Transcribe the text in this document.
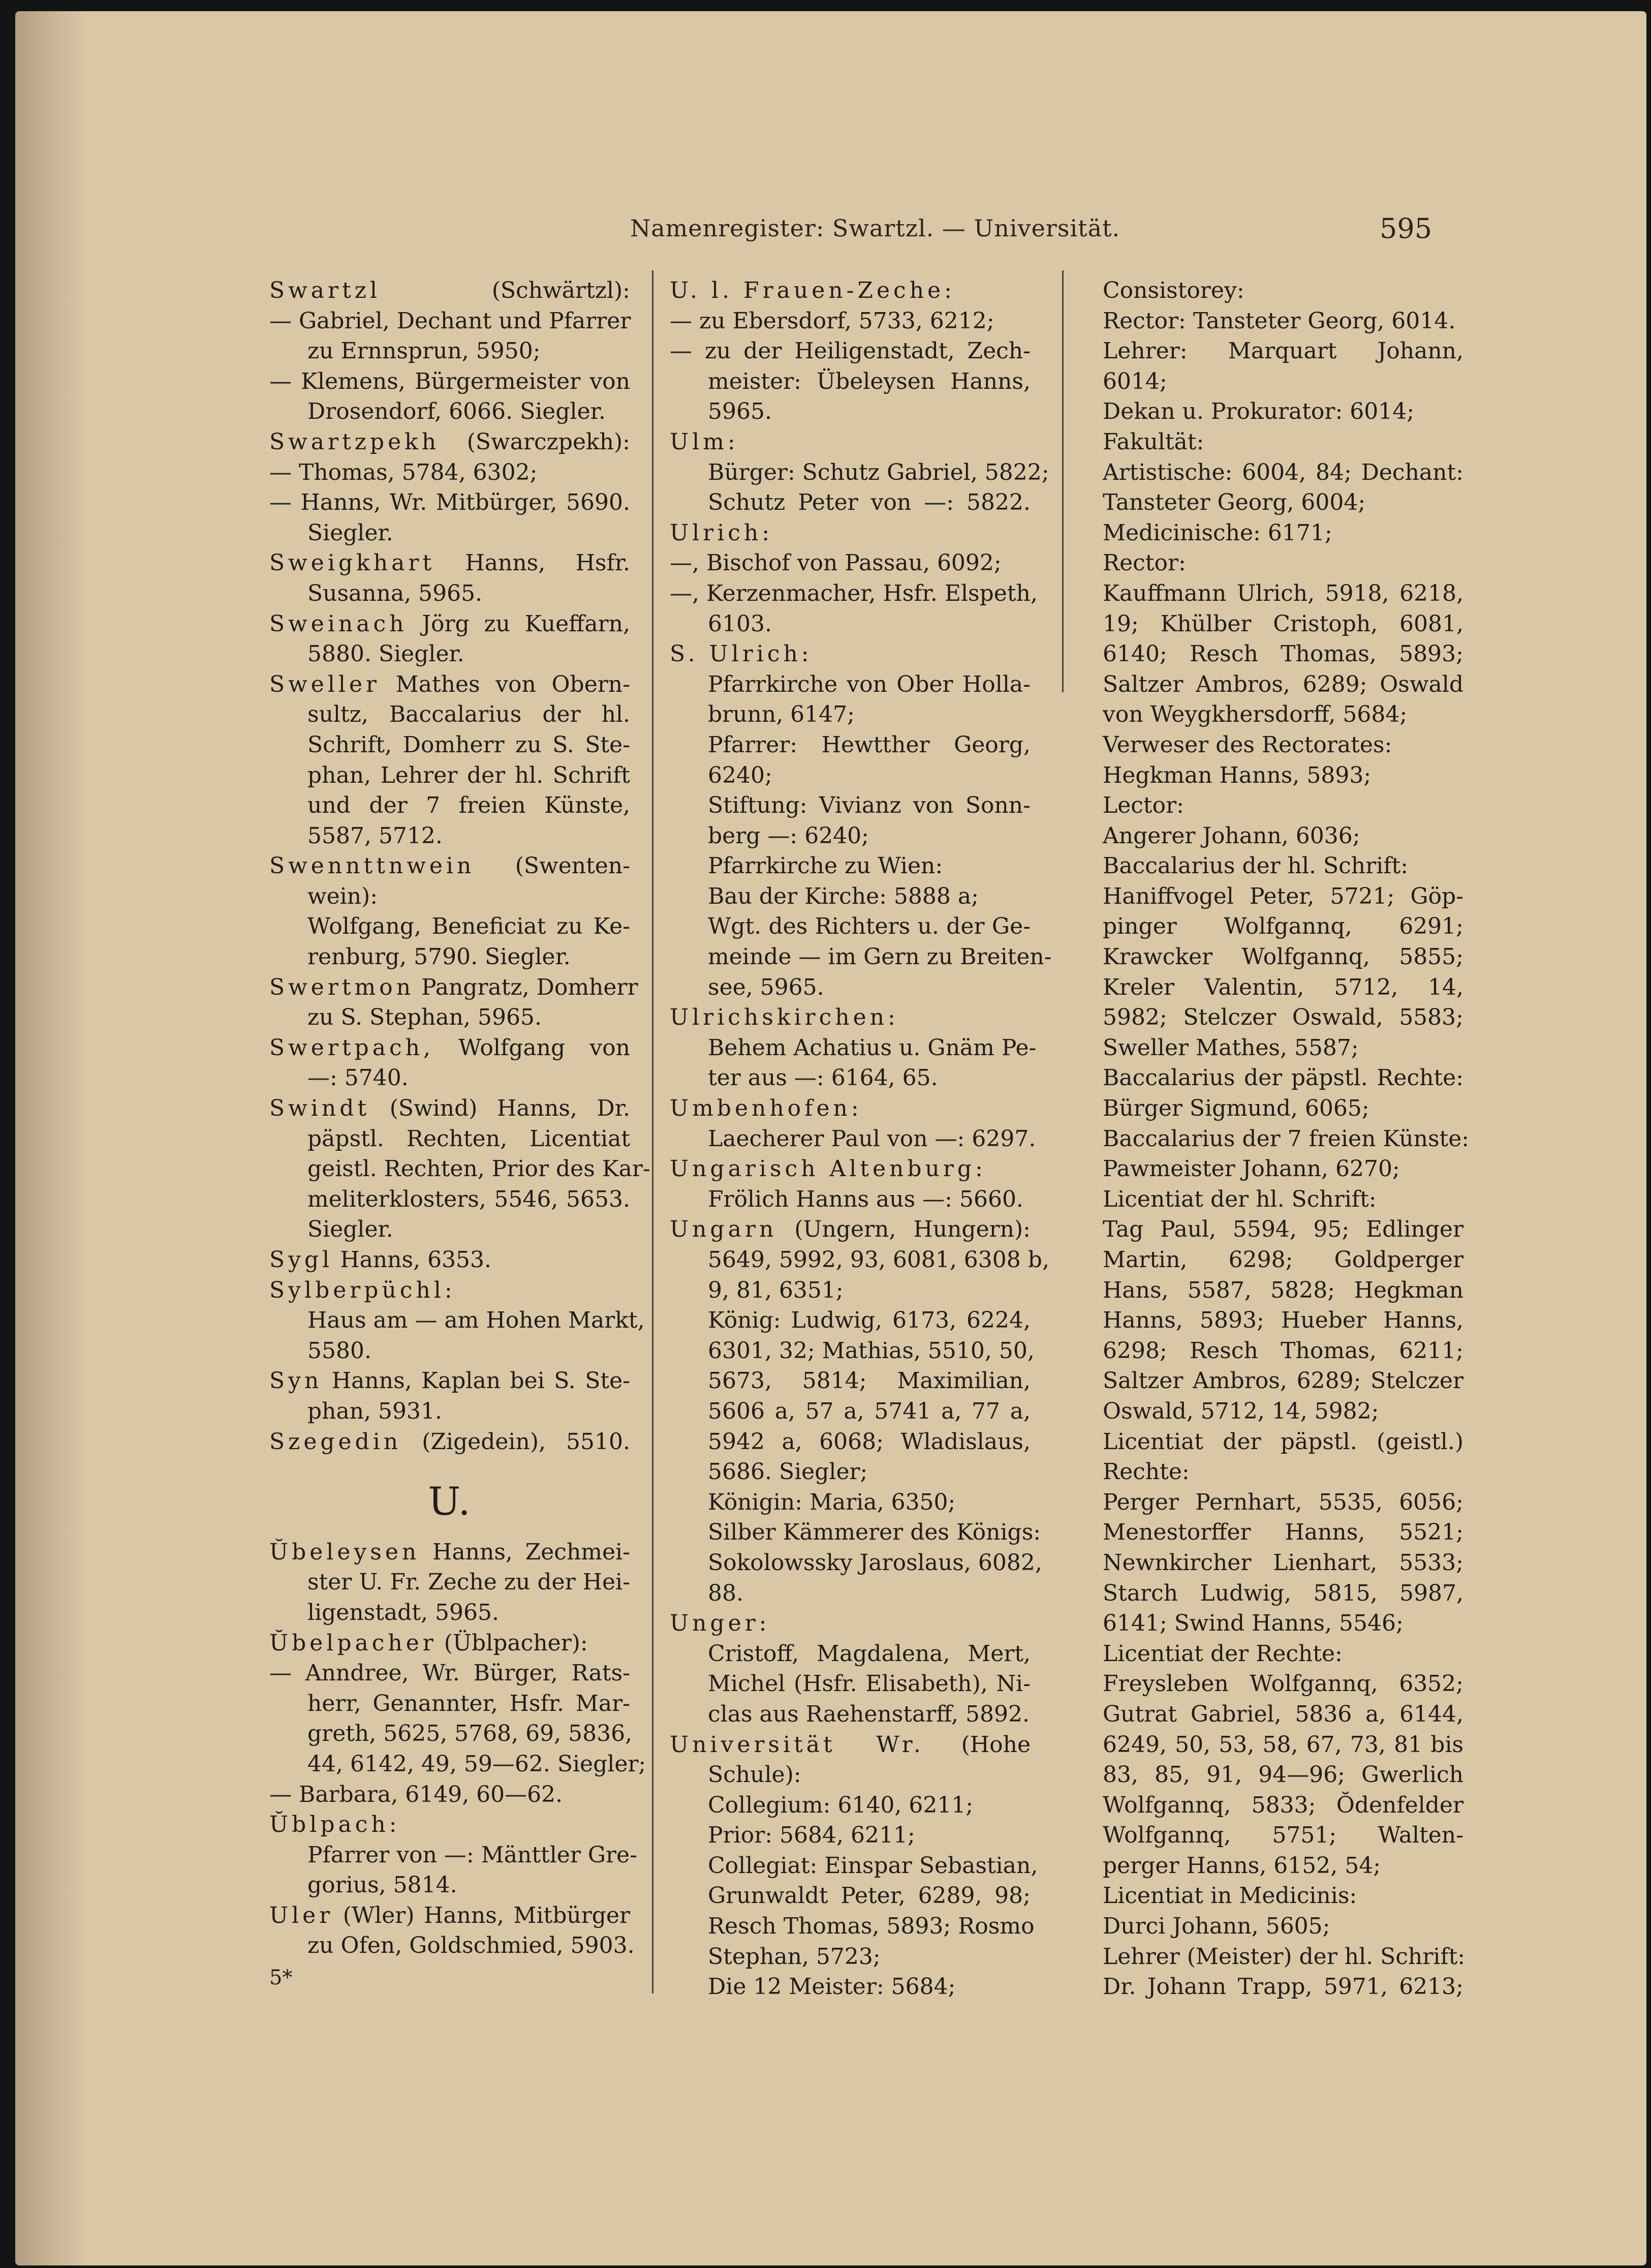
Namenregister: Swartzl. — Universität.	595
Swartzl (Schwärtzl):
— Gabriel, Dechant und Pfarrer
zu Ernnsprun, 5950;
— Klemens, Bürgermeister von
Drosendorf, 6066. Siegler.
Swartzpekh (Swarczpekh):
— Thomas, 5784, 6302;
— Hanns, Wr. Mitbürger, 5690.
Siegler.
Sweigkhart Hanns, Hsfr.
Susanna, 5965.
Sweinach Jörg zu Kueffarn,
5880. Siegler.
Sweller Mathes von Obern-
sultz, Baccalarius der hl.
Schrift, Domherr zu S. Ste-
phan, Lehrer der hl. Schrift
und der 7 freien Künste,
5587, 5712.
Swennttnwein (Swenten-
wein):
Wolfgang, Beneficiat zu Ke-
renburg, 5790. Siegler.
Swertmon Pangratz, Domherr
zu S. Stephan, 5965.
Swertpach, Wolfgang von
—: 5740.
Swindt (Swind) Hanns, Dr.
päpstl. Rechten, Licentiat
geistl. Rechten, Prior des Kar-
meliterklosters, 5546, 5653.
Siegler.
Sygl Hanns, 6353.
Sylberpüchl:
Haus am — am Hohen Markt,
5580.
Syn Hanns, Kaplan bei S. Ste-
phan, 5931.
Szegedin (Zigedein), 5510.
U.
Ŭbeleysen Hanns, Zechmei-
ster U. Fr. Zeche zu der Hei-
ligenstadt, 5965.
Ŭbelpacher (Üblpacher):
— Anndree, Wr. Bürger, Rats-
herr, Genannter, Hsfr. Mar-
greth, 5625, 5768, 69, 5836,
44, 6142, 49, 59—62. Siegler;
— Barbara, 6149, 60—62.
Ŭblpach:
Pfarrer von —: Mänttler Gre-
gorius, 5814.
Uler (Wler) Hanns, Mitbürger
zu Ofen, Goldschmied, 5903.
5*
U. l. Frauen-Zeche:
— zu Ebersdorf, 5733, 6212;
— zu der Heiligenstadt, Zech-
meister: Übeleysen Hanns,
5965.
Ulm:
Bürger: Schutz Gabriel, 5822;
Schutz Peter von —: 5822.
Ulrich:
—, Bischof von Passau, 6092;
—, Kerzenmacher, Hsfr. Elspeth,
6103.
S. Ulrich:
Pfarrkirche von Ober Holla-
brunn, 6147;
Pfarrer: Hewtther Georg,
6240;
Stiftung: Vivianz von Sonn-
berg —: 6240;
Pfarrkirche zu Wien:
Bau der Kirche: 5888 a;
Wgt. des Richters u. der Ge-
meinde — im Gern zu Breiten-
see, 5965.
Ulrichskirchen:
Behem Achatius u. Gnäm Pe-
ter aus —: 6164, 65.
Umbenhofen:
Laecherer Paul von —: 6297.
Ungarisch Altenburg:
Frölich Hanns aus —: 5660.
Ungarn (Ungern, Hungern):
5649, 5992, 93, 6081, 6308 b,
9, 81, 6351;
König: Ludwig, 6173, 6224,
6301, 32; Mathias, 5510, 50,
5673, 5814; Maximilian,
5606 a, 57 a, 5741 a, 77 a,
5942 a, 6068; Wladislaus,
5686. Siegler;
Königin: Maria, 6350;
Silber Kämmerer des Königs:
Sokolowssky Jaroslaus, 6082,
88.
Unger:
Cristoff, Magdalena, Mert,
Michel (Hsfr. Elisabeth), Ni-
clas aus Raehenstarff, 5892.
Universität Wr. (Hohe
Schule):
Collegium: 6140, 6211;
Prior: 5684, 6211;
Collegiat: Einspar Sebastian,
Grunwaldt Peter, 6289, 98;
Resch Thomas, 5893; Rosmo
Stephan, 5723;
Die 12 Meister: 5684;
Consistorey:
Rector: Tansteter Georg, 6014.
Lehrer: Marquart Johann,
6014;
Dekan u. Prokurator: 6014;
Fakultät:
Artistische: 6004, 84; Dechant:
Tansteter Georg, 6004;
Medicinische: 6171;
Rector:
Kauffmann Ulrich, 5918, 6218,
19; Khülber Cristoph, 6081,
6140; Resch Thomas, 5893;
Saltzer Ambros, 6289; Oswald
von Weygkhersdorff, 5684;
Verweser des Rectorates:
Hegkman Hanns, 5893;
Lector:
Angerer Johann, 6036;
Baccalarius der hl. Schrift:
Haniffvogel Peter, 5721; Göp-
pinger Wolfgannq, 6291;
Krawcker Wolfgannq, 5855;
Kreler Valentin, 5712, 14,
5982; Stelczer Oswald, 5583;
Sweller Mathes, 5587;
Baccalarius der päpstl. Rechte:
Bürger Sigmund, 6065;
Baccalarius der 7 freien Künste:
Pawmeister Johann, 6270;
Licentiat der hl. Schrift:
Tag Paul, 5594, 95; Edlinger
Martin, 6298; Goldperger
Hans, 5587, 5828; Hegkman
Hanns, 5893; Hueber Hanns,
6298; Resch Thomas, 6211;
Saltzer Ambros, 6289; Stelczer
Oswald, 5712, 14, 5982;
Licentiat der päpstl. (geistl.)
Rechte:
Perger Pernhart, 5535, 6056;
Menestorffer Hanns, 5521;
Newnkircher Lienhart, 5533;
Starch Ludwig, 5815, 5987,
6141; Swind Hanns, 5546;
Licentiat der Rechte:
Freysleben Wolfgannq, 6352;
Gutrat Gabriel, 5836 a, 6144,
6249, 50, 53, 58, 67, 73, 81 bis
83, 85, 91, 94—96; Gwerlich
Wolfgannq, 5833; Ŏdenfelder
Wolfgannq, 5751; Walten-
perger Hanns, 6152, 54;
Licentiat in Medicinis:
Durci Johann, 5605;
Lehrer (Meister) der hl. Schrift:
Dr. Johann Trapp, 5971, 6213;
